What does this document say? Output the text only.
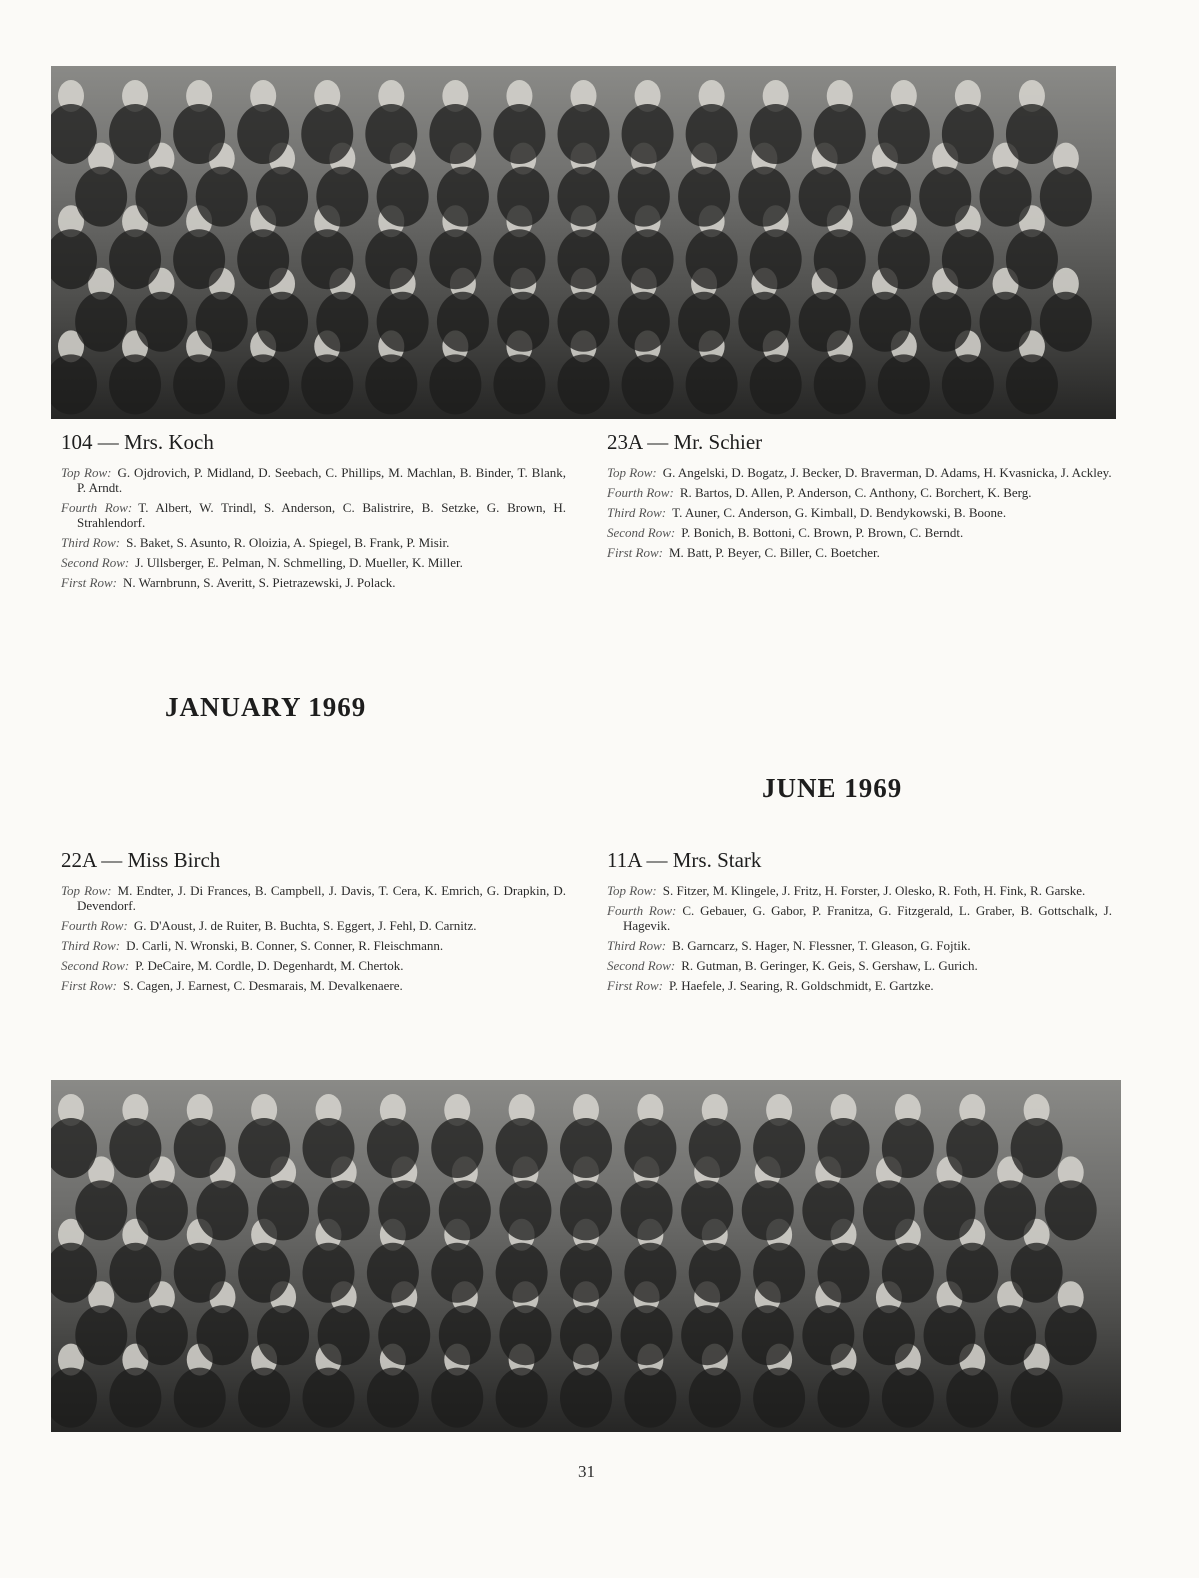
104 — Mrs. Koch

Top Row: G. Ojdrovich, P. Midland, D. Seebach, C. Phillips, M. Machlan, B. Binder, T. Blank, P. Arndt.

Fourth Row: T. Albert, W. Trindl, S. Anderson, C. Balistrire, B. Setzke, G. Brown, H. Strahlendorf.

Third Row: S. Baket, S. Asunto, R. Oloizia, A. Spiegel, B. Frank, P. Misir.

Second Row: J. Ullsberger, E. Pelman, N. Schmelling, D. Mueller, K. Miller.

First Row: N. Warnbrunn, S. Averitt, S. Pietrazewski, J. Polack.

23A — Mr. Schier

Top Row: G. Angelski, D. Bogatz, J. Becker, D. Braverman, D. Adams, H. Kvasnicka, J. Ackley.

Fourth Row: R. Bartos, D. Allen, P. Anderson, C. Anthony, C. Borchert, K. Berg.

Third Row: T. Auner, C. Anderson, G. Kimball, D. Bendykowski, B. Boone.

Second Row: P. Bonich, B. Bottoni, C. Brown, P. Brown, C. Berndt.

First Row: M. Batt, P. Beyer, C. Biller, C. Boetcher.

JANUARY 1969
JUNE 1969
22A — Miss Birch

Top Row: M. Endter, J. Di Frances, B. Campbell, J. Davis, T. Cera, K. Emrich, G. Drapkin, D. Devendorf.

Fourth Row: G. D'Aoust, J. de Ruiter, B. Buchta, S. Eggert, J. Fehl, D. Carnitz.

Third Row: D. Carli, N. Wronski, B. Conner, S. Conner, R. Fleischmann.

Second Row: P. DeCaire, M. Cordle, D. Degenhardt, M. Chertok.

First Row: S. Cagen, J. Earnest, C. Desmarais, M. Devalkenaere.

11A — Mrs. Stark

Top Row: S. Fitzer, M. Klingele, J. Fritz, H. Forster, J. Olesko, R. Foth, H. Fink, R. Garske.

Fourth Row: C. Gebauer, G. Gabor, P. Franitza, G. Fitzgerald, L. Graber, B. Gottschalk, J. Hagevik.

Third Row: B. Garncarz, S. Hager, N. Flessner, T. Gleason, G. Fojtik.

Second Row: R. Gutman, B. Geringer, K. Geis, S. Gershaw, L. Gurich.

First Row: P. Haefele, J. Searing, R. Goldschmidt, E. Gartzke.

31
